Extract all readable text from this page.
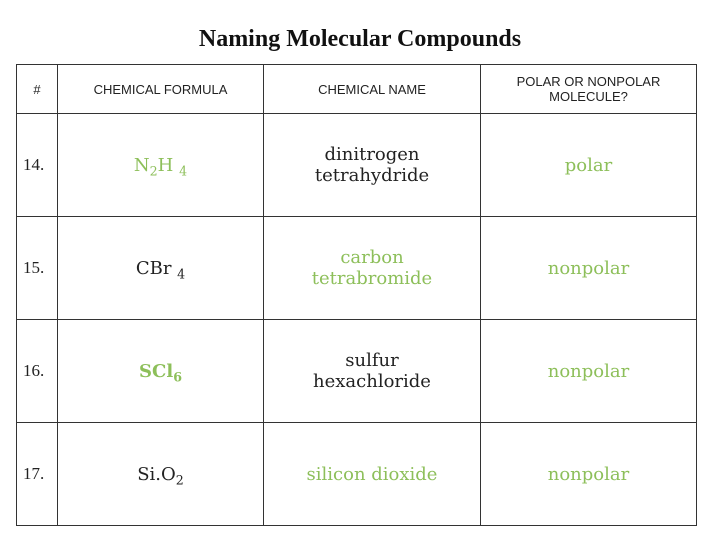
Naming Molecular Compounds
#	CHEMICAL FORMULA	CHEMICAL NAME	POLAR OR NONPOLAR MOLECULE?
14.	$N_2H$ $_4$	dinitrogen tetrahydride	polar
15.	CBr $_4$	carbon tetrabromide	nonpolar
16.	SCl$_6$	sulfur hexachloride	nonpolar
17.	$Si.O_2$	silicon dioxide	nonpolar
